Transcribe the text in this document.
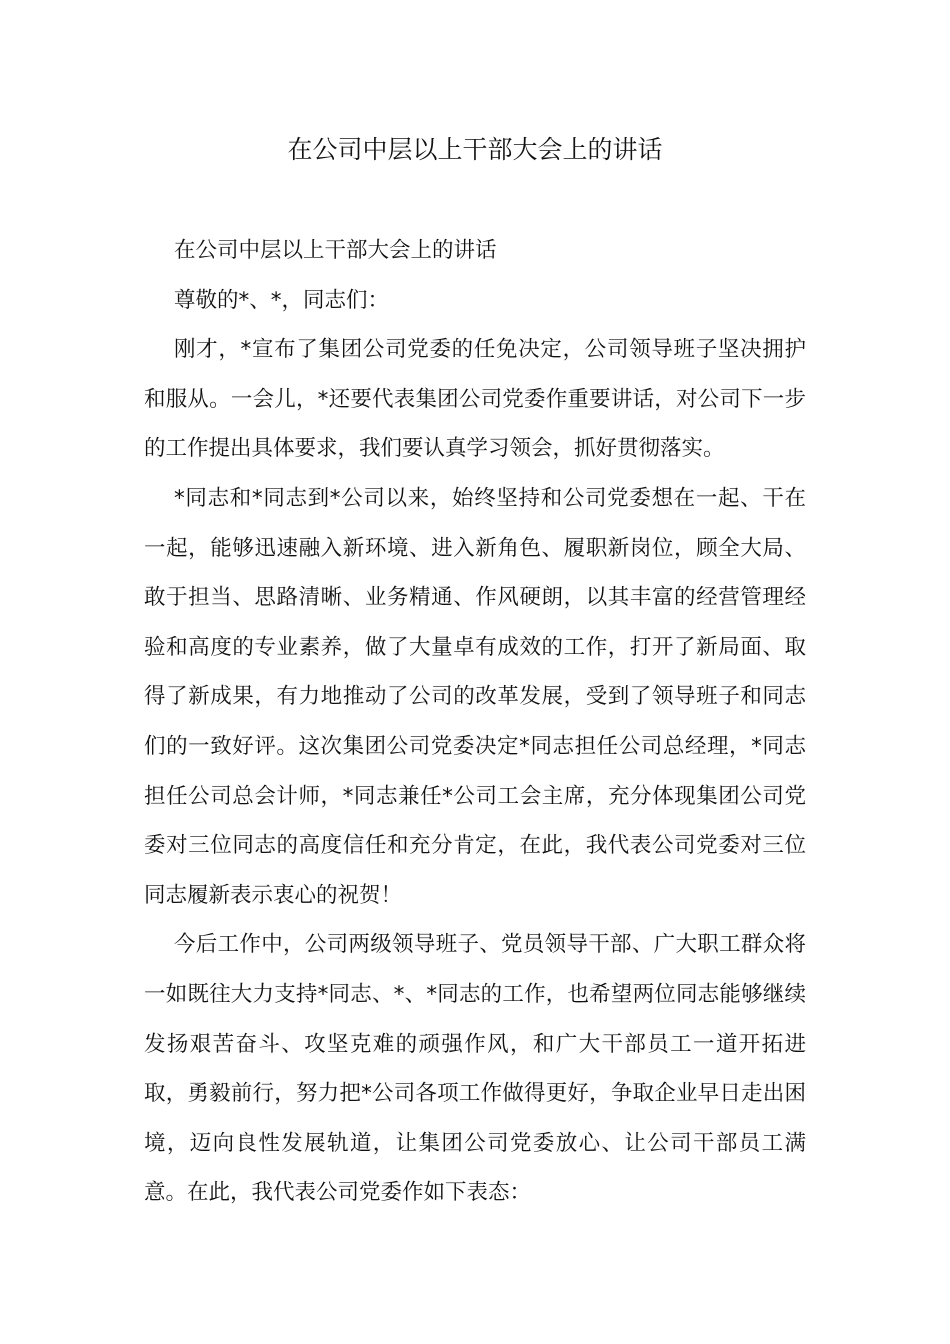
在公司中层以上干部大会上的讲话

在公司中层以上干部大会上的讲话

尊敬的*、*，同志们：

刚才，*宣布了集团公司党委的任免决定，公司领导班子坚决拥护和服从。一会儿，*还要代表集团公司党委作重要讲话，对公司下一步的工作提出具体要求，我们要认真学习领会，抓好贯彻落实。

*同志和*同志到*公司以来，始终坚持和公司党委想在一起、干在一起，能够迅速融入新环境、进入新角色、履职新岗位，顾全大局、敢于担当、思路清晰、业务精通、作风硬朗，以其丰富的经营管理经验和高度的专业素养，做了大量卓有成效的工作，打开了新局面、取得了新成果，有力地推动了公司的改革发展，受到了领导班子和同志们的一致好评。这次集团公司党委决定*同志担任公司总经理，*同志担任公司总会计师，*同志兼任*公司工会主席，充分体现集团公司党委对三位同志的高度信任和充分肯定，在此，我代表公司党委对三位同志履新表示衷心的祝贺！

今后工作中，公司两级领导班子、党员领导干部、广大职工群众将一如既往大力支持*同志、*、*同志的工作，也希望两位同志能够继续发扬艰苦奋斗、攻坚克难的顽强作风，和广大干部员工一道开拓进取，勇毅前行，努力把*公司各项工作做得更好，争取企业早日走出困境，迈向良性发展轨道，让集团公司党委放心、让公司干部员工满意。在此，我代表公司党委作如下表态：
